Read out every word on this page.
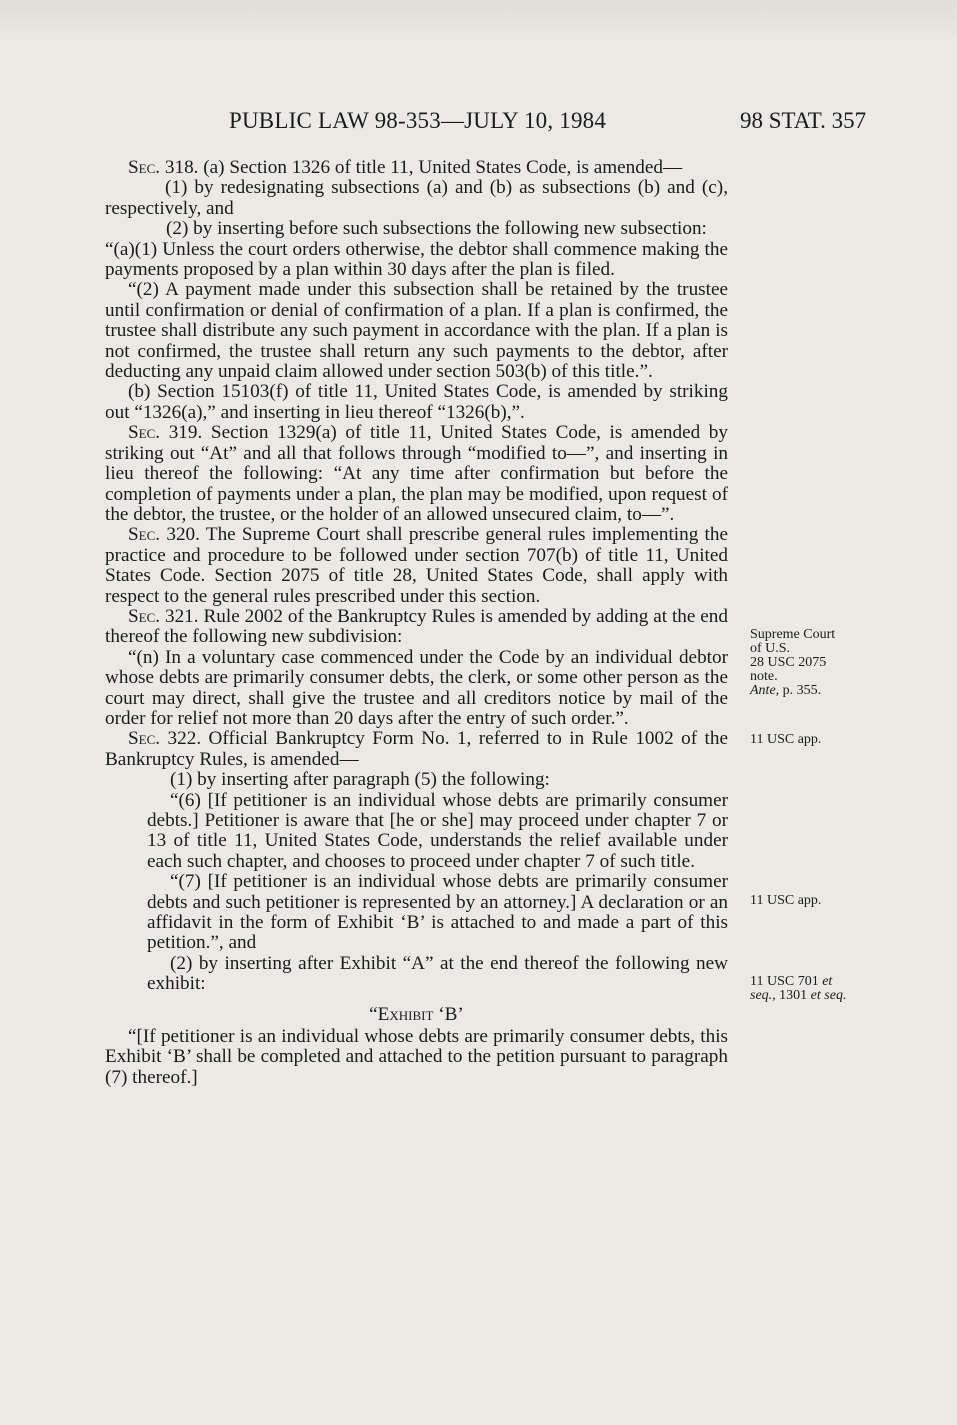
PUBLIC LAW 98-353—JULY 10, 1984	98 STAT. 357

Sec. 318. (a) Section 1326 of title 11, United States Code, is amended—

(1) by redesignating subsections (a) and (b) as subsections (b) and (c), respectively, and

(2) by inserting before such subsections the following new subsection:

“(a)(1) Unless the court orders otherwise, the debtor shall commence making the payments proposed by a plan within 30 days after the plan is filed.

“(2) A payment made under this subsection shall be retained by the trustee until confirmation or denial of confirmation of a plan. If a plan is confirmed, the trustee shall distribute any such payment in accordance with the plan. If a plan is not confirmed, the trustee shall return any such payments to the debtor, after deducting any unpaid claim allowed under section 503(b) of this title.”.

(b) Section 15103(f) of title 11, United States Code, is amended by striking out “1326(a),” and inserting in lieu thereof “1326(b),”.

Sec. 319. Section 1329(a) of title 11, United States Code, is amended by striking out “At” and all that follows through “modified to—”, and inserting in lieu thereof the following: “At any time after confirmation but before the completion of payments under a plan, the plan may be modified, upon request of the debtor, the trustee, or the holder of an allowed unsecured claim, to—”.

Sec. 320. The Supreme Court shall prescribe general rules implementing the practice and procedure to be followed under section 707(b) of title 11, United States Code. Section 2075 of title 28, United States Code, shall apply with respect to the general rules prescribed under this section.

Sec. 321. Rule 2002 of the Bankruptcy Rules is amended by adding at the end thereof the following new subdivision:

“(n) In a voluntary case commenced under the Code by an individual debtor whose debts are primarily consumer debts, the clerk, or some other person as the court may direct, shall give the trustee and all creditors notice by mail of the order for relief not more than 20 days after the entry of such order.”.

Sec. 322. Official Bankruptcy Form No. 1, referred to in Rule 1002 of the Bankruptcy Rules, is amended—

(1) by inserting after paragraph (5) the following:

“(6) [If petitioner is an individual whose debts are primarily consumer debts.] Petitioner is aware that [he or she] may proceed under chapter 7 or 13 of title 11, United States Code, understands the relief available under each such chapter, and chooses to proceed under chapter 7 of such title.

“(7) [If petitioner is an individual whose debts are primarily consumer debts and such petitioner is represented by an attorney.] A declaration or an affidavit in the form of Exhibit ‘B’ is attached to and made a part of this petition.”, and

(2) by inserting after Exhibit “A” at the end thereof the following new exhibit:

“Exhibit ‘B’

“[If petitioner is an individual whose debts are primarily consumer debts, this Exhibit ‘B’ shall be completed and attached to the petition pursuant to paragraph (7) thereof.]

Supreme Court
of U.S.
28 USC 2075
note.
Ante, p. 355.
11 USC app.
11 USC app.
11 USC 701 et
seq., 1301 et seq.
